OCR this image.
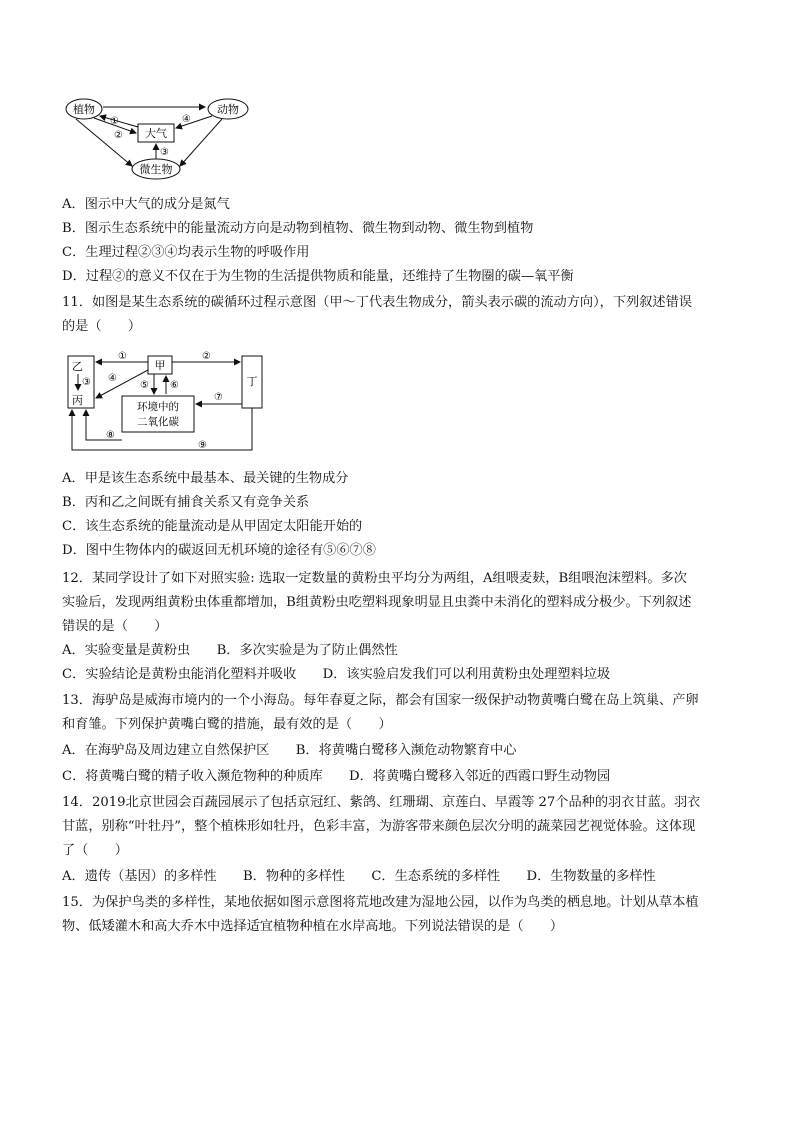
植物	动物
大气
微生物
①
②
④
③
A．图示中大气的成分是氮气
B．图示生态系统中的能量流动方向是动物到植物、微生物到动物、微生物到植物
C．生理过程②③④均表示生物的呼吸作用
D．过程②的意义不仅在于为生物的生活提供物质和能量，还维持了生物圈的碳—氧平衡
11．如图是某生态系统的碳循环过程示意图（甲～丁代表生物成分，箭头表示碳的流动方向），下列叙述错误
的是（　　）
乙
丙
甲
丁
环境中的
二氧化碳
①	②
③ ④
⑤ ⑥
⑦
⑧
⑨
A．甲是该生态系统中最基本、最关键的生物成分
B．丙和乙之间既有捕食关系又有竞争关系
C．该生态系统的能量流动是从甲固定太阳能开始的
D．图中生物体内的碳返回无机环境的途径有⑤⑥⑦⑧
12．某同学设计了如下对照实验: 选取一定数量的黄粉虫平均分为两组，A组喂麦麸，B组喂泡沫塑料。多次
实验后，发现两组黄粉虫体重都增加，B组黄粉虫吃塑料现象明显且虫粪中未消化的塑料成分极少。下列叙述
错误的是（　　）
A．实验变量是黄粉虫　　B．多次实验是为了防止偶然性
C．实验结论是黄粉虫能消化塑料并吸收　　D．该实验启发我们可以利用黄粉虫处理塑料垃圾
13．海驴岛是威海市境内的一个小海岛。每年春夏之际，都会有国家一级保护动物黄嘴白鹭在岛上筑巢、产卵
和育雏。下列保护黄嘴白鹭的措施，最有效的是（　　）
A．在海驴岛及周边建立自然保护区　　B．将黄嘴白鹭移入濒危动物繁育中心
C．将黄嘴白鹭的精子收入濒危物种的种质库　　D．将黄嘴白鹭移入邻近的西霞口野生动物园
14．2019北京世园会百蔬园展示了包括京冠红、紫鸽、红珊瑚、京莲白、早霞等 27个品种的羽衣甘蓝。羽衣
甘蓝，别称“叶牡丹”，整个植株形如牡丹，色彩丰富，为游客带来颜色层次分明的蔬菜园艺视觉体验。这体现
了（　　）
A．遗传（基因）的多样性　　B．物种的多样性　　C．生态系统的多样性　　D．生物数量的多样性
15．为保护鸟类的多样性，某地依据如图示意图将荒地改建为湿地公园，以作为鸟类的栖息地。计划从草本植
物、低矮灌木和高大乔木中选择适宜植物种植在水岸高地。下列说法错误的是（　　）
